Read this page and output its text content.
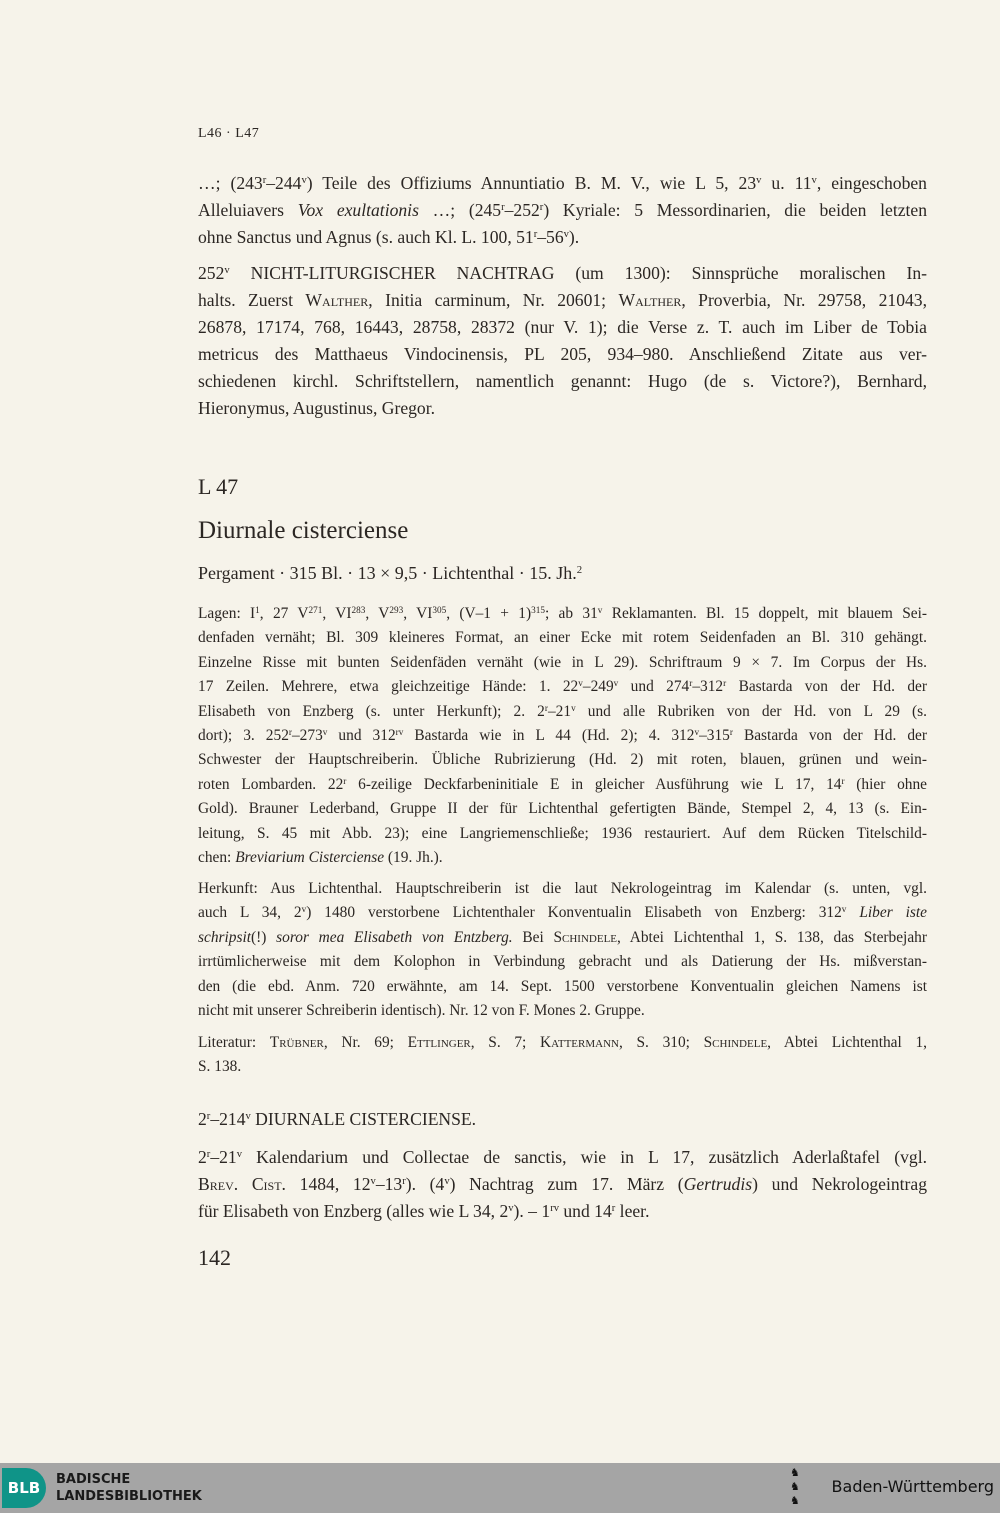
L46 · L47
…; (243$^r$–244$^v$) Teile des Offiziums Annuntiatio B. M. V., wie L 5, 23$^v$ u. 11$^v$, eingeschoben
Alleluiavers Vox exultationis …; (245$^r$–252$^r$) Kyriale: 5 Messordinarien, die beiden letzten
ohne Sanctus und Agnus (s. auch Kl. L. 100, 51$^r$–56$^v$).
252$^v$ NICHT-LITURGISCHER NACHTRAG (um 1300): Sinnsprüche moralischen In-
halts. Zuerst Walther, Initia carminum, Nr. 20601; Walther, Proverbia, Nr. 29758, 21043,
26878, 17174, 768, 16443, 28758, 28372 (nur V. 1); die Verse z. T. auch im Liber de Tobia
metricus des Matthaeus Vindocinensis, PL 205, 934–980. Anschließend Zitate aus ver-
schiedenen kirchl. Schriftstellern, namentlich genannt: Hugo (de s. Victore?), Bernhard,
Hieronymus, Augustinus, Gregor.
L 47
Diurnale cisterciense
Pergament · 315 Bl. · 13 × 9,5 · Lichtenthal · 15. Jh.$^2$
Lagen: $I^1$, 27 $V^{271}$, VI$^{283}$, $V^{293}$, VI$^{305}$, $(V-1 + 1)^{315}$; ab 31$^v$ Reklamanten. Bl. 15 doppelt, mit blauem Sei-
denfaden vernäht; Bl. 309 kleineres Format, an einer Ecke mit rotem Seidenfaden an Bl. 310 gehängt.
Einzelne Risse mit bunten Seidenfäden vernäht (wie in L 29). Schriftraum 9 × 7. Im Corpus der Hs.
17 Zeilen. Mehrere, etwa gleichzeitige Hände: 1. 22$^v$–249$^v$ und 274$^r$–312$^r$ Bastarda von der Hd. der
Elisabeth von Enzberg (s. unter Herkunft); 2. 2$^r$–21$^v$ und alle Rubriken von der Hd. von L 29 (s.
dort); 3. 252$^r$–273$^v$ und $312^{rv}$ Bastarda wie in L 44 (Hd. 2); 4. 312$^v$–315$^r$ Bastarda von der Hd. der
Schwester der Hauptschreiberin. Übliche Rubrizierung (Hd. 2) mit roten, blauen, grünen und wein-
roten Lombarden. 22$^r$ 6-zeilige Deckfarbeninitiale E in gleicher Ausführung wie L 17, 14$^r$ (hier ohne
Gold). Brauner Lederband, Gruppe II der für Lichtenthal gefertigten Bände, Stempel 2, 4, 13 (s. Ein-
leitung, S. 45 mit Abb. 23); eine Langriemenschließe; 1936 restauriert. Auf dem Rücken Titelschild-
chen: Breviarium Cisterciense (19. Jh.).
Herkunft: Aus Lichtenthal. Hauptschreiberin ist die laut Nekrologeintrag im Kalendar (s. unten, vgl.
auch L 34, 2$^v$) 1480 verstorbene Lichtenthaler Konventualin Elisabeth von Enzberg: 312$^v$ Liber iste
schripsit(!) soror mea Elisabeth von Entzberg. Bei Schindele, Abtei Lichtenthal 1, S. 138, das Sterbejahr
irrtümlicherweise mit dem Kolophon in Verbindung gebracht und als Datierung der Hs. mißverstan-
den (die ebd. Anm. 720 erwähnte, am 14. Sept. 1500 verstorbene Konventualin gleichen Namens ist
nicht mit unserer Schreiberin identisch). Nr. 12 von F. Mones 2. Gruppe.
Literatur: Trübner, Nr. 69; Ettlinger, S. 7; Kattermann, S. 310; Schindele, Abtei Lichtenthal 1,
S. 138.
2$^r$–214$^v$ DIURNALE CISTERCIENSE.
2$^r$–21$^v$ Kalendarium und Collectae de sanctis, wie in L 17, zusätzlich Aderlaßtafel (vgl.
Brev. Cist. 1484, 12$^v$–13$^r$). (4$^v$) Nachtrag zum 17. März (Gertrudis) und Nekrologeintrag
für Elisabeth von Enzberg (alles wie L 34, 2$^v$). – $1^{rv}$ und 14$^r$ leer.
142
BLB	BADISCHE
LANDESBIBLIOTHEK
♞
♞
♞
Baden-Württemberg
